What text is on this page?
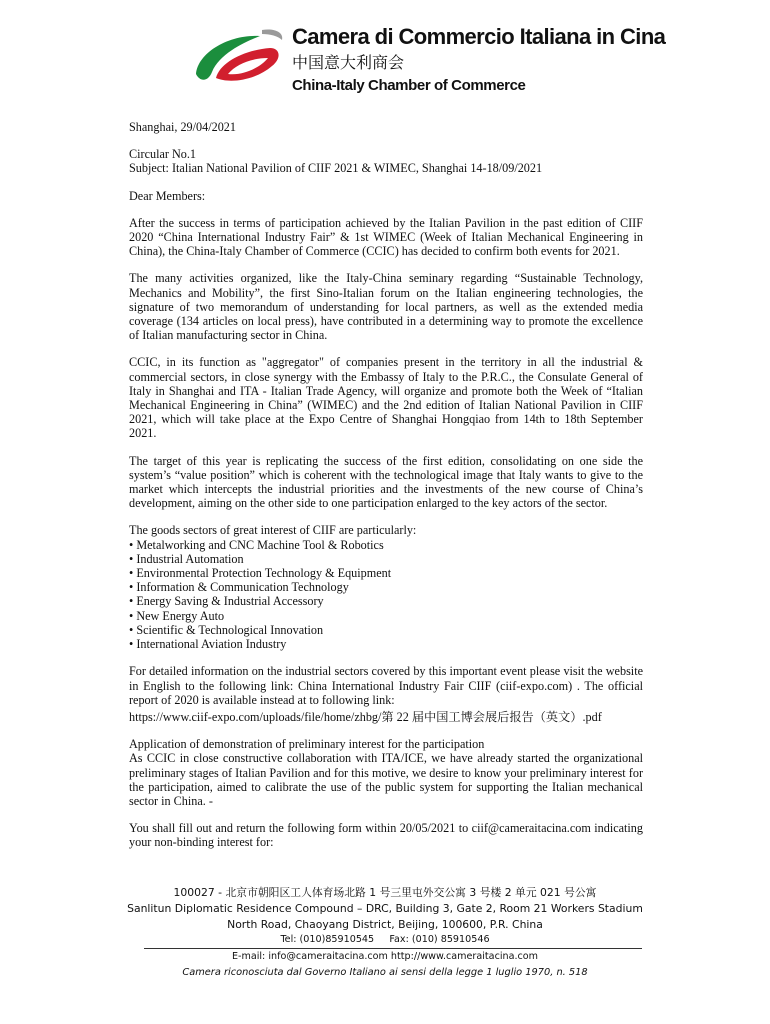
Camera di Commercio Italiana in Cina
中国意大利商会
China-Italy Chamber of Commerce

Shanghai, 29/04/2021

Circular No.1

Subject: Italian National Pavilion of CIIF 2021 & WIMEC, Shanghai 14-18/09/2021

Dear Members:

After the success in terms of participation achieved by the Italian Pavilion in the past edition of CIIF 2020 “China International Industry Fair” & 1st WIMEC (Week of Italian Mechanical Engineering in China), the China-Italy Chamber of Commerce (CCIC) has decided to confirm both events for 2021.

The many activities organized, like the Italy-China seminary regarding “Sustainable Technology, Mechanics and Mobility”, the first Sino-Italian forum on the Italian engineering technologies, the signature of two memorandum of understanding for local partners, as well as the extended media coverage (134 articles on local press), have contributed in a determining way to promote the excellence of Italian manufacturing sector in China.

CCIC, in its function as "aggregator" of companies present in the territory in all the industrial & commercial sectors, in close synergy with the Embassy of Italy to the P.R.C., the Consulate General of Italy in Shanghai and ITA - Italian Trade Agency, will organize and promote both the Week of “Italian Mechanical Engineering in China” (WIMEC) and the 2nd edition of Italian National Pavilion in CIIF 2021, which will take place at the Expo Centre of Shanghai Hongqiao from 14th to 18th September 2021.

The target of this year is replicating the success of the first edition, consolidating on one side the system’s “value position” which is coherent with the technological image that Italy wants to give to the market which intercepts the industrial priorities and the investments of the new course of China’s development, aiming on the other side to one participation enlarged to the key actors of the sector.

The goods sectors of great interest of CIIF are particularly:

• Metalworking and CNC Machine Tool & Robotics
• Industrial Automation
• Environmental Protection Technology & Equipment
• Information & Communication Technology
• Energy Saving & Industrial Accessory
• New Energy Auto
• Scientific & Technological Innovation
• International Aviation Industry

For detailed information on the industrial sectors covered by this important event please visit the website in English to the following link: China International Industry Fair CIIF (ciif-expo.com) . The official report of 2020 is available instead at to following link:

https://www.ciif-expo.com/uploads/file/home/zhbg/第 22 届中国工博会展后报告（英文）.pdf

Application of demonstration of preliminary interest for the participation

As CCIC in close constructive collaboration with ITA/ICE, we have already started the organizational preliminary stages of Italian Pavilion and for this motive, we desire to know your preliminary interest for the participation, aimed to calibrate the use of the public system for supporting the Italian mechanical sector in China. -

You shall fill out and return the following form within 20/05/2021 to ciif@cameraitacina.com indicating your non-binding interest for:

100027 - 北京市朝阳区工人体育场北路 1 号三里屯外交公寓 3 号楼 2 单元 021 号公寓
Sanlitun Diplomatic Residence Compound – DRC, Building 3, Gate 2, Room 21 Workers Stadium
North Road, Chaoyang District, Beijing, 100600, P.R. China
Tel: (010)85910545     Fax: (010) 85910546
E-mail: info@cameraitacina.com http://www.cameraitacina.com
Camera riconosciuta dal Governo Italiano ai sensi della legge 1 luglio 1970, n. 518
